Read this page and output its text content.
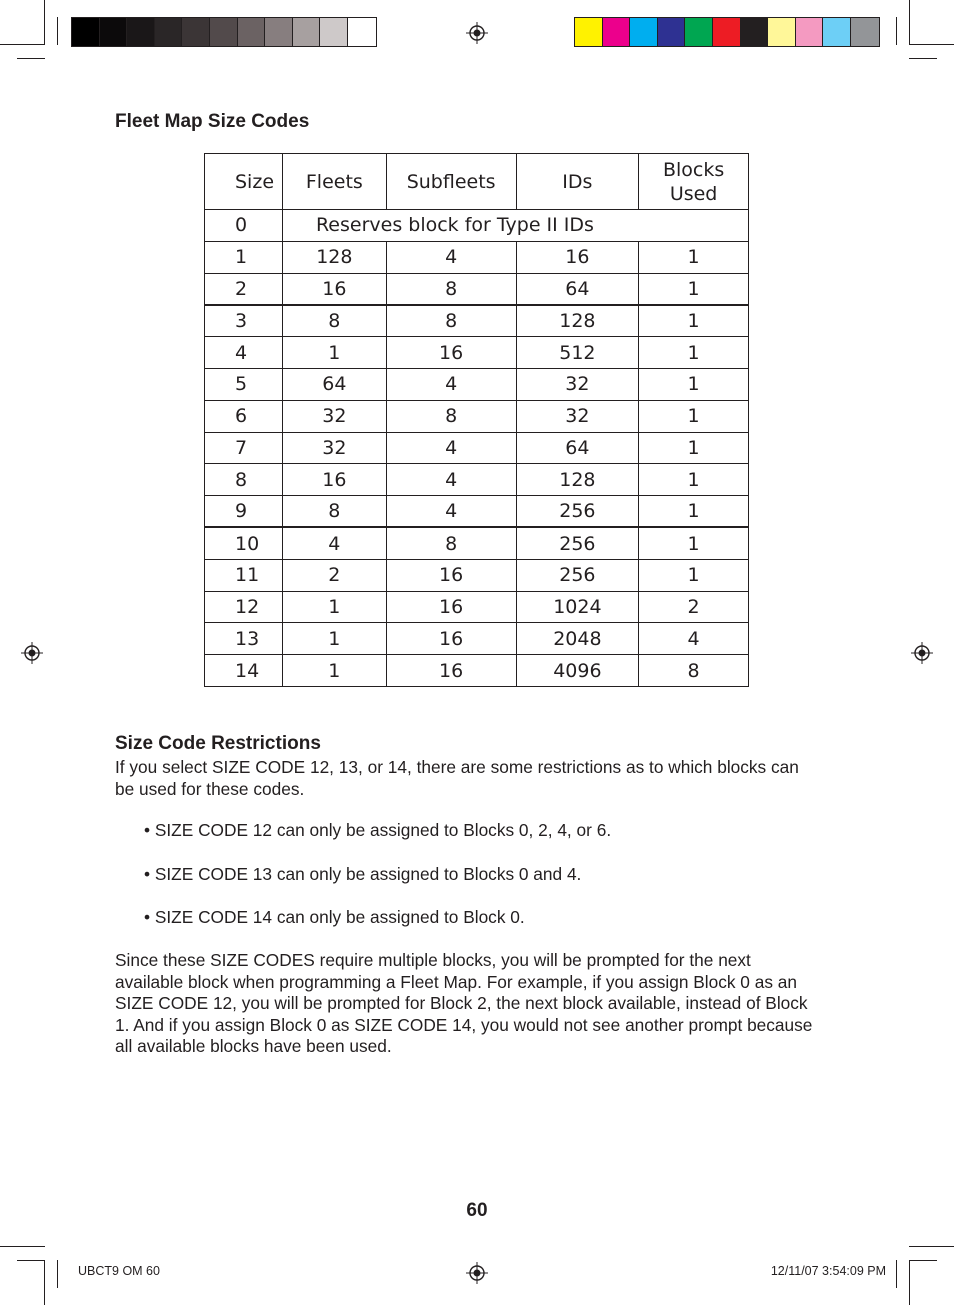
Fleet Map Size Codes
Size	Fleets	Subfleets	IDs	Blocks
Used
0	Reserves block for Type II IDs			
1	128	4	16	1
2	16	8	64	1
3	8	8	128	1
4	1	16	512	1
5	64	4	32	1
6	32	8	32	1
7	32	4	64	1
8	16	4	128	1
9	8	4	256	1
10	4	8	256	1
11	2	16	256	1
12	1	16	1024	2
13	1	16	2048	4
14	1	16	4096	8
Size Code Restrictions
If you select SIZE CODE 12, 13, or 14, there are some restrictions as to which blocks can
be used for these codes.
• SIZE CODE 12 can only be assigned to Blocks 0, 2, 4, or 6.
• SIZE CODE 13 can only be assigned to Blocks 0 and 4.
• SIZE CODE 14 can only be assigned to Block 0.
Since these SIZE CODES require multiple blocks, you will be prompted for the next
available block when programming a Fleet Map. For example, if you assign Block 0 as an
SIZE CODE 12, you will be prompted for Block 2, the next block available, instead of Block
1. And if you assign Block 0 as SIZE CODE 14, you would not see another prompt because
all available blocks have been used.
60
UBCT9 OM 60	12/11/07 3:54:09 PM
